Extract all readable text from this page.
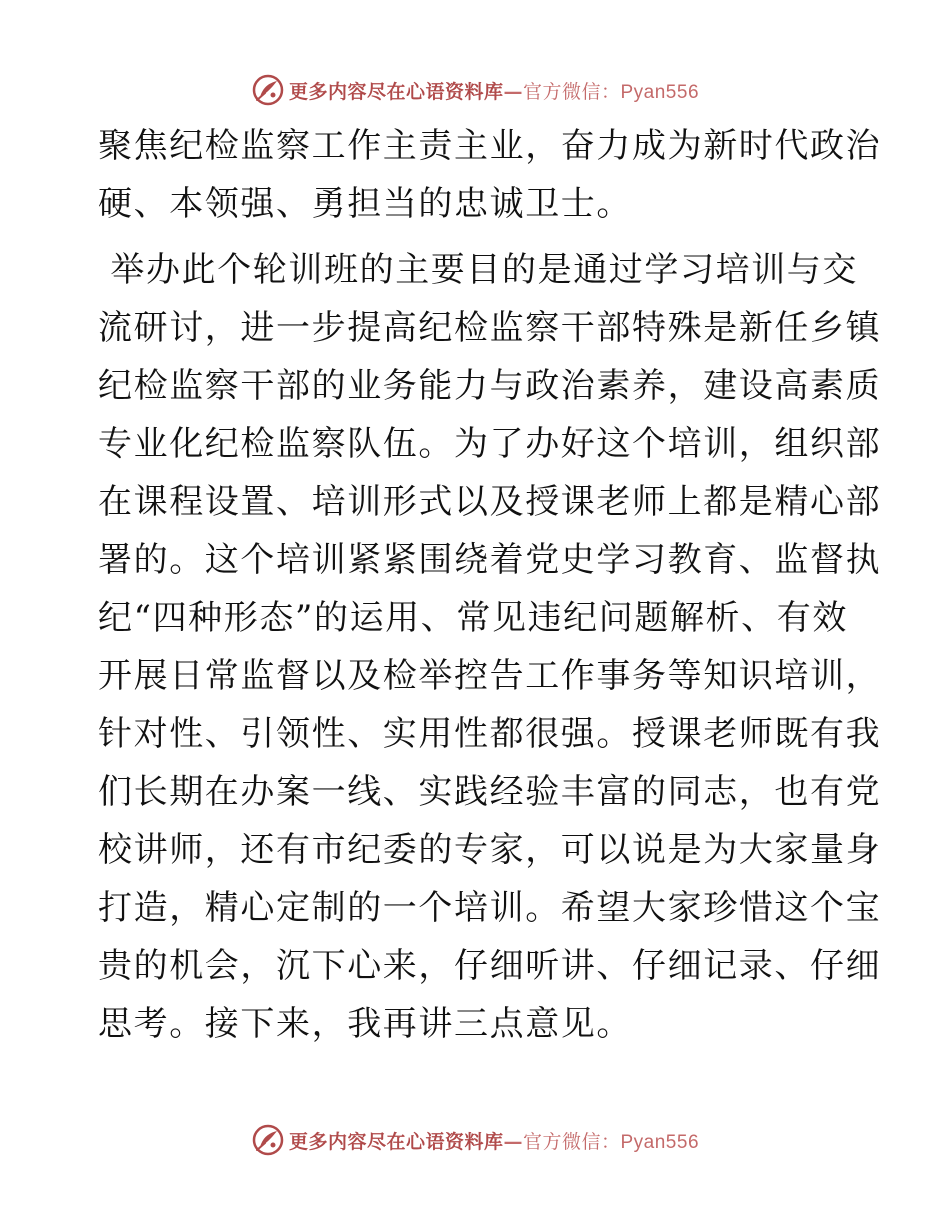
更多内容尽在心语资料库—官方微信：Pyan556

聚焦纪检监察工作主责主业，奋力成为新时代政治
硬、本领强、勇担当的忠诚卫士。

举办此个轮训班的主要目的是通过学习培训与交
流研讨，进一步提高纪检监察干部特殊是新任乡镇
纪检监察干部的业务能力与政治素养，建设高素质
专业化纪检监察队伍。为了办好这个培训，组织部
在课程设置、培训形式以及授课老师上都是精心部
署的。这个培训紧紧围绕着党史学习教育、监督执
纪“四种形态”的运用、常见违纪问题解析、有效
开展日常监督以及检举控告工作事务等知识培训，
针对性、引领性、实用性都很强。授课老师既有我
们长期在办案一线、实践经验丰富的同志，也有党
校讲师，还有市纪委的专家，可以说是为大家量身
打造，精心定制的一个培训。希望大家珍惜这个宝
贵的机会，沉下心来，仔细听讲、仔细记录、仔细
思考。接下来，我再讲三点意见。

更多内容尽在心语资料库—官方微信：Pyan556
